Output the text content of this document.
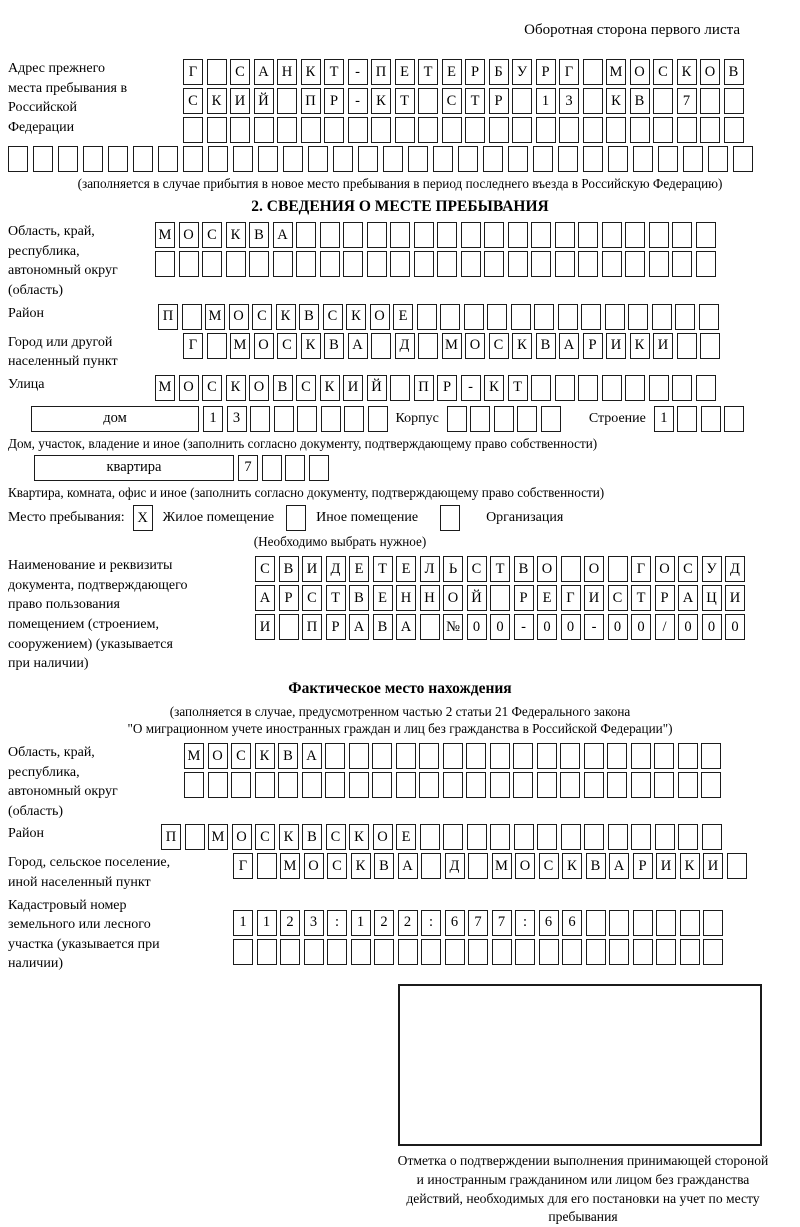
Оборотная сторона первого листа
Адрес прежнего места пребывания в Российской Федерации
Г	С А Н К Т	-	П Е	Т	Е	Р	Б У Р	Г	М О С К О В
С К И Й	П Р	-	К Т	С Т	Р	1	3	К В	7
(заполняется в случае прибытия в новое место пребывания в период последнего въезда в Российскую Федерацию)
2. СВЕДЕНИЯ О МЕСТЕ ПРЕБЫВАНИЯ
Область, край, республика, автономный округ (область)
М О С К В А
Район	П	М О С К В С К О Е
Город или другой населенный пункт
Г	М О С К В А	Д	М О С К В А Р И К И
Улица	М О С К О В С К И Й	П Р	-	К Т
дом	1	3	Корпус	Строение 1
Дом, участок, владение и иное (заполнить согласно документу, подтверждающему право собственности)
квартира	7
Квартира, комната, офис и иное (заполнить согласно документу, подтверждающему право собственности)
Место пребывания: X	Жилое помещение	Иное помещение	Организация
(Необходимо выбрать нужное)
Наименование и реквизиты документа, подтверждающего право пользования помещением (строением, сооружением) (указывается при наличии)
С В И Д Е	Т	Е Л Ь	С Т В О	О	Г О С У Д
А Р	С Т В Е Н Н О Й	Р	Е	Г И С Т	Р А Ц И
И	П Р А В А	№ 0	0	-	0	0	-	0	0	/	0	0	0
Фактическое место нахождения
(заполняется в случае, предусмотренном частью 2 статьи 21 Федерального закона
"О миграционном учете иностранных граждан и лиц без гражданства в Российской Федерации")
Область, край, республика, автономный округ (область)
М О С К В А
Район	П	М О С К В С К О Е
Город, сельское поселение, иной населенный пункт
Г	М О С К В А	Д	М О С К В А Р И К И
Кадастровый номер земельного или лесного участка (указывается при наличии)
1	1	2	3	:	1	2	2	:	6	7	7	:	6	6
Отметка о подтверждении выполнения принимающей стороной и иностранным гражданином или лицом без гражданства действий, необходимых для его постановки на учет по месту пребывания
